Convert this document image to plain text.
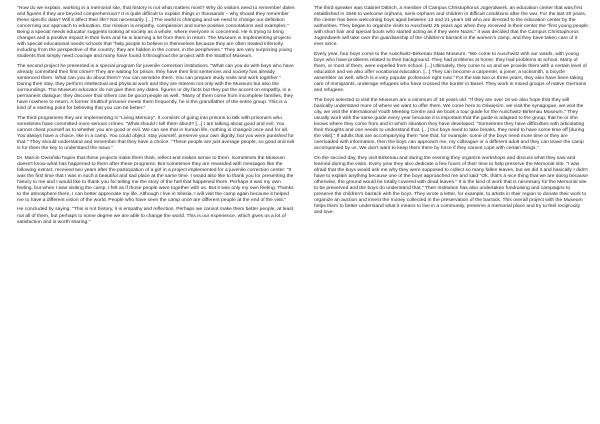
"How do we explain, working in a memorial site, that history is not what matters most? Why do visitors need to remember dates and figures if they are beyond comprehension? It is quite difficult to explain things in thousands – why should they remember these specific data? Will it affect their life? Not necessarily. [...] The world is changing and we need to change our definition concerning our approach to education. Our mission is empathy, compassion and some positive connotations and examples." Being a special needs educator suggests looking at society as a whole, where everyone is concerned. He is trying to bring changes and a positive impact in their lives and he is learning a lot from them in return. The Museum is implementing projects with special educational needs schools that "help people to believe in themselves because they are often treated inferiorly, including from the perspective of the country; they are hidden in the corner, in the peripheries." They are very surprising young students that simply need courage and many have found it throughout the project with the Stutthof Museum.

The second project he presented is a special program for juvenile correction institutions. "What can you do with boys who have already committed their first crime? They are waiting for prison, they have their first sentences and society has already sentenced them. What can you do about them? You can sensitize them. You can prepare study visits and work together." During their stay, they perform intellectual and physical work and they are interest not only with the Museum but also the surroundings. The Museum educator do not give them any dates, figures or dry facts but they put the accent on empathy, in a permanent dialogue; they discover that others can be good people as well. "Many of them come from incomplete families, they have nowhere to return. A former Stutthof prisoner meets them frequently, he is the grandfather of the entire group. This is a kind of a starting point for believing that you can be better."

The third programme they are implementing is "Living Memory". It consists of going into prisons to talk with prisoners who sometimes have committed more serious crimes. "What should I tell them about? [...] I am talking about good and evil. You cannot cheat yourself as to whether you are good or evil. We can see that in human life, nothing is changed once and for all. You always have a choice, like in a camp. You could object, stay yourself, preserve your own dignity, but you were punished for that." They should understand and remember that they have a choice. "These people are just average people, so good and evil is for them the key to understand the issue."

Dr. Marcin Owsiński hopes that these projects make them think, reflect and makes sense to them. Sometimes the Museum doesn't know what has happened to them after these programs. But sometimes they are rewarded with messages like the following extract, received two years after the participation of a girl in a project implemented for a juvenile correction center: "It was the first time that I was in such a beautiful and sad place at the same time. I would also like to thank you for presenting the history to me and I would like to thank you for telling me the story of the hell that happened there. Perhaps it was my own feeling, but when I was visiting the camp, I felt as if those people were together with us. But it was only my own feeling. Thanks to the atmosphere there, I can better appreciate my life. Although I live in Silesia, I will visit the camp again because it helped me to have a different vision of the world. People who have seen the camp once are different people at the end of the visit."

He concluded by saying: "This is not history, it is empathy and reflection. Perhaps we cannot make them better people, at least not all of them, but perhaps to some degree we are able to change the world. This is our experience, which gives us a lot of satisfaction and is worth sharing."

The third speaker was Gabriel Dittrich, a member of Campus Christophorus Jugendwerk, an education center that was first established in 1946 to welcome orphans, semi-orphans and children in difficult conditions after the war. For the last 20 years, the center has been welcoming boys aged between 13 and 21 years old who are directed to the education center by the authorities. They began to organize visits to Auschwitz 25 years ago when they received in their center the "first young people with short hair and special boots who started acting as if they were Nazis." It was decided that the Campus Christophorus Jugendwerk will take over the guardianship of the children's barrack in the women's camp, and they have taken care of it ever since.

Every year, four boys come to the Auschwitz-Birkenau State Museum. "We come to Auschwitz with our wards, with young boys who have problems related to their background. They had problems at home, they had problems at school. Many of them, or most of them, were expelled from school. [...] Ultimately, they come to us and we provide them with a certain level of education and we also offer vocational education. [...] They can become a carpenter, a joiner, a locksmith, a bicycle assembler as well, which is a very popular profession right now." For the last two or three years, they also have been taking care of immigrants, underage refugees who have crossed the border in Basel. They work in mixed groups of native Germans and refugees.

The boys selected to visit the Museum are a minimum of 16 years old. "If they are over 16 we also hope that they will basically understand more of where we want to offer them. We come here to Oświęcim, we visit the synagogue, we visit the city, we visit the International Youth Meeting Centre and we book a tour guide for the Auschwitz-Birkenau Museum." They usually work with the same guide every year because it is important that the guide is adapted to the group, that he or she knows where they come from and in which situation they have developed. "Sometimes they have difficulties with articulating their thoughts and one needs to understand that. [...] Our boys need to take breaks, they need to have some time off [during the visit]." If adults that are accompanying them "see that, for example, some of the boys need more time or they are overloaded with information, then the boys can approach me, my colleague or a different adult and they can leave the camp accompanied by us. We don't want to keep them there by force if they cannot cope with certain things."

On the second day, they visit Birkenau and during the evening they organize workshops and discuss what they saw and learned during the visits. Every year they also dedicate a few hours of their time to help preserve the Memorial site. "I was afraid that the boys would ask me why they were supposed to collect so many fallen leaves, but we did it and basically I didn't have to explain anything because one of the boys approached me and said "Ok, that's a nice thing that we are doing because otherwise, the ground would be totally covered with dead leaves." It is the kind of work that is necessary for the Memorial site to be preserved and the boys do understand that." Their institution has also undertaken fundraising and campaigns to preserve the children's barrack with the boys. They wrote a letter, for example, to artists in their region to donate their work to organize an auction and invest the money collected in the preservation of the barrack. This overall project with the Museum helps them to better understand what it means to live in a community, preserve a memorial place and try to feel reciprocity and love.
